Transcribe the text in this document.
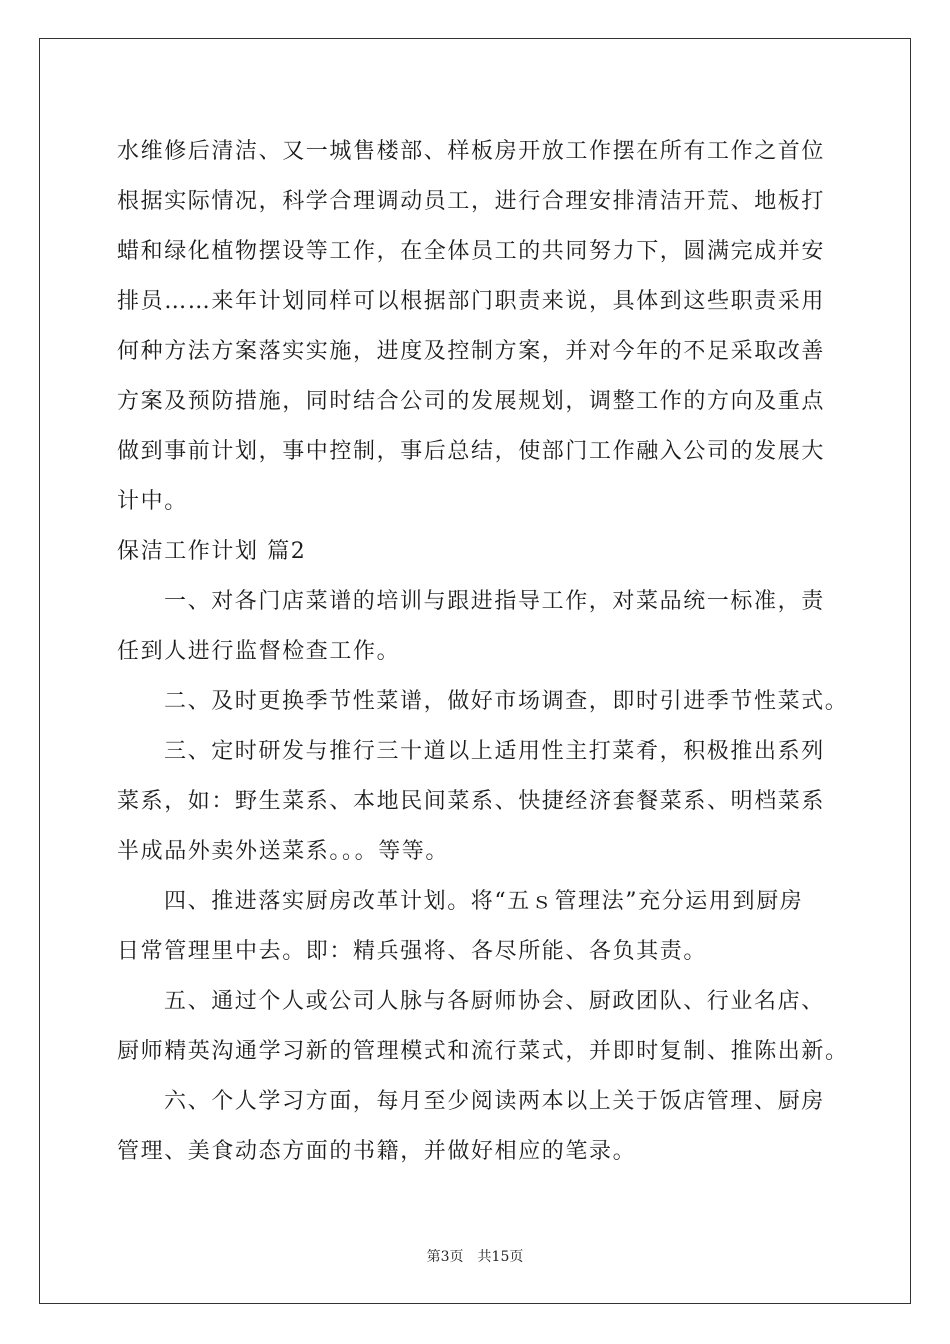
水维修后清洁、又一城售楼部、样板房开放工作摆在所有工作之首位
根据实际情况，科学合理调动员工，进行合理安排清洁开荒、地板打
蜡和绿化植物摆设等工作，在全体员工的共同努力下，圆满完成并安
排员……来年计划同样可以根据部门职责来说，具体到这些职责采用
何种方法方案落实实施，进度及控制方案，并对今年的不足采取改善
方案及预防措施，同时结合公司的发展规划，调整工作的方向及重点
做到事前计划，事中控制，事后总结，使部门工作融入公司的发展大
计中。
保洁工作计划 篇2
一、对各门店菜谱的培训与跟进指导工作，对菜品统一标准，责
任到人进行监督检查工作。
二、及时更换季节性菜谱，做好市场调查，即时引进季节性菜式。
三、定时研发与推行三十道以上适用性主打菜肴，积极推出系列
菜系，如：野生菜系、本地民间菜系、快捷经济套餐菜系、明档菜系
半成品外卖外送菜系。。。等等。
四、推进落实厨房改革计划。将“五ｓ管理法”充分运用到厨房
日常管理里中去。即：精兵强将、各尽所能、各负其责。
五、通过个人或公司人脉与各厨师协会、厨政团队、行业名店、
厨师精英沟通学习新的管理模式和流行菜式，并即时复制、推陈出新。
六、个人学习方面，每月至少阅读两本以上关于饭店管理、厨房
管理、美食动态方面的书籍，并做好相应的笔录。
第3页 共15页
